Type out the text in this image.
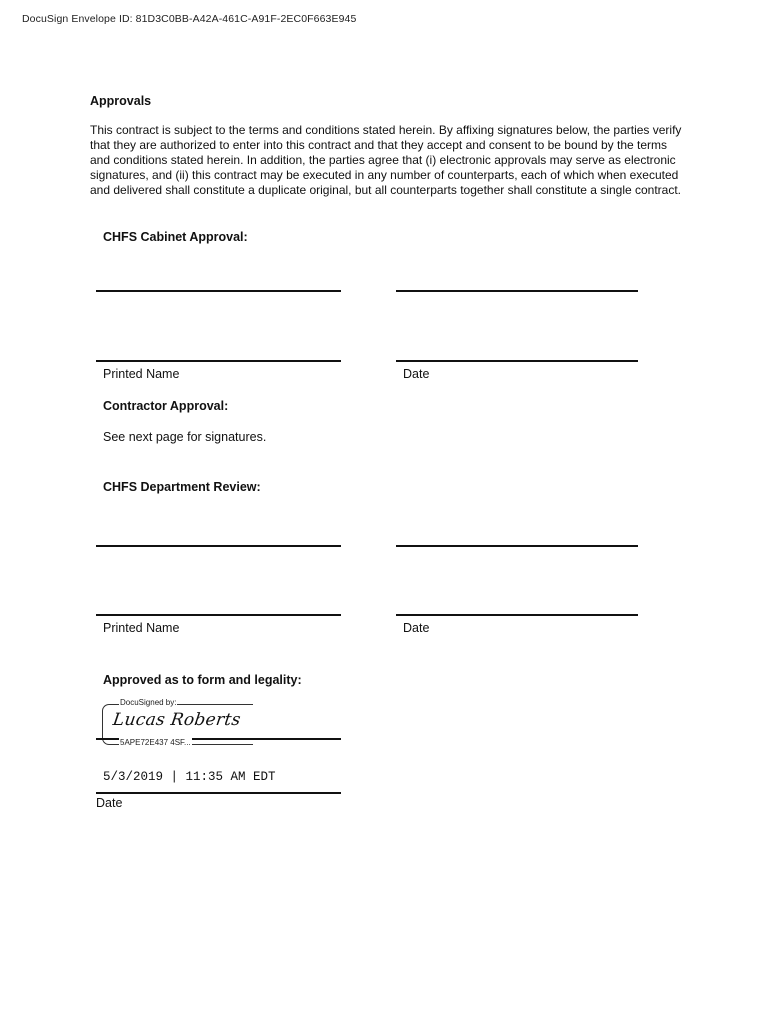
DocuSign Envelope ID: 81D3C0BB-A42A-461C-A91F-2EC0F663E945
Approvals
This contract is subject to the terms and conditions stated herein. By affixing signatures below, the parties verify that they are authorized to enter into this contract and that they accept and consent to be bound by the terms and conditions stated herein. In addition, the parties agree that (i) electronic approvals may serve as electronic signatures, and (ii) this contract may be executed in any number of counterparts, each of which when executed and delivered shall constitute a duplicate original, but all counterparts together shall constitute a single contract.
CHFS Cabinet Approval:
Printed Name	Date
Contractor Approval:
See next page for signatures.
CHFS Department Review:
Printed Name	Date
Approved as to form and legality:
DocuSigned by:
Lucas Roberts
5APE72E437 4SF...
5/3/2019 | 11:35 AM EDT
Date
